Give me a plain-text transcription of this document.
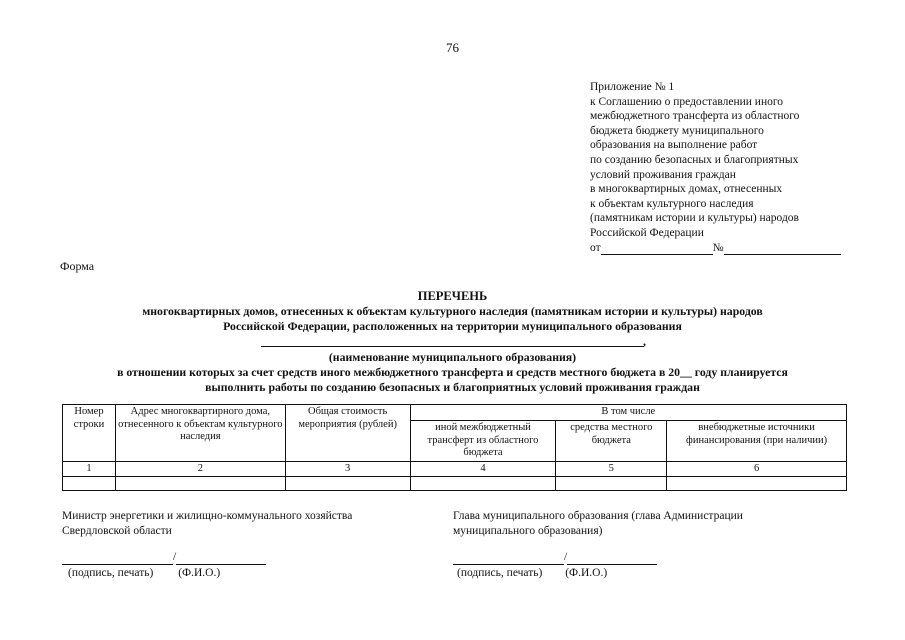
76
Приложение № 1
к Соглашению о предоставлении иного
межбюджетного трансферта из областного
бюджета бюджету муниципального
образования на выполнение работ
по созданию безопасных и благоприятных
условий проживания граждан
в многоквартирных домах, отнесенных
к объектам культурного наследия
(памятникам истории и культуры) народов
Российской Федерации
от	№
Форма
ПЕРЕЧЕНЬ
многоквартирных домов, отнесенных к объектам культурного наследия (памятникам истории и культуры) народов
Российской Федерации, расположенных на территории муниципального образования
,
(наименование муниципального образования)
в отношении которых за счет средств иного межбюджетного трансферта и средств местного бюджета в 20__ году планируется
выполнить работы по созданию безопасных и благоприятных условий проживания граждан
Номер строки	Адрес многоквартирного дома, отнесенного к объектам культурного наследия	Общая стоимость мероприятия (рублей)	В том числе		
			иной межбюджетный трансферт из областного бюджета	средства местного бюджета	внебюджетные источники финансирования (при наличии)
1	2	3	4	5	6

Министр энергетики и жилищно-коммунального хозяйства
Свердловской области
/
(подпись, печать) (Ф.И.О.)
Глава муниципального образования (глава Администрации
муниципального образования)
/
(подпись, печать) (Ф.И.О.)
